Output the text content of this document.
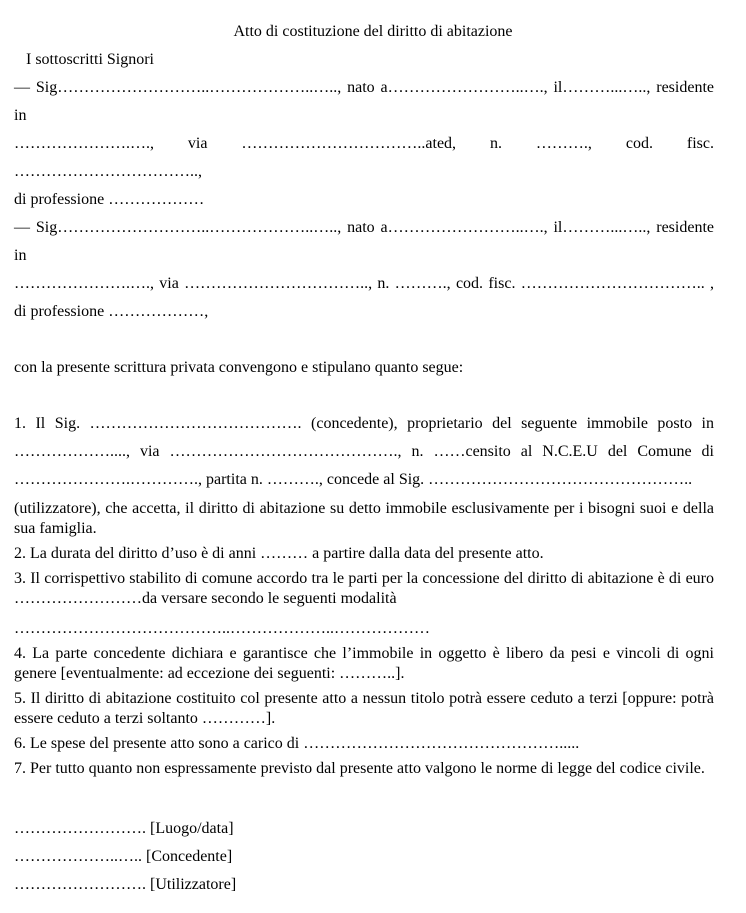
Atto di costituzione del diritto di abitazione

I sottoscritti Signori

— Sig………………………..………………..….., nato a……………………..…., il………...….., residente in

………………….…., via ……………………………..ated, n. ………., cod. fisc. ……………………………..,

di professione ………………

— Sig………………………..………………..….., nato a……………………..…., il………...….., residente in

………………….…., via …………………………….., n. ………., cod. fisc. …………………………….. ,

di professione ………………,

con la presente scrittura privata convengono e stipulano quanto segue:

1. Il Sig. …………………………………. (concedente), proprietario del seguente immobile posto in

………………...., via ……………………………………., n. ……censito al N.C.E.U del Comune di

………………….…………., partita n. ………., concede al Sig. …………………………………………..

(utilizzatore), che accetta, il diritto di abitazione su detto immobile esclusivamente per i bisogni suoi e della sua famiglia.

2. La durata del diritto d’uso è di anni ……… a partire dalla data del presente atto.

3. Il corrispettivo stabilito di comune accordo tra le parti per la concessione del diritto di abitazione è di euro ……………………da versare secondo le seguenti modalità

…………………………………..………………..………………

4. La parte concedente dichiara e garantisce che l’immobile in oggetto è libero da pesi e vincoli di ogni genere [eventualmente: ad eccezione dei seguenti: ………..].

5. Il diritto di abitazione costituito col presente atto a nessun titolo potrà essere ceduto a terzi [oppure: potrà essere ceduto a terzi soltanto …………].

6. Le spese del presente atto sono a carico di ………………………………………….....

7. Per tutto quanto non espressamente previsto dal presente atto valgono le norme di legge del codice civile.

……………………. [Luogo/data]

………………..….. [Concedente]

……………………. [Utilizzatore]
